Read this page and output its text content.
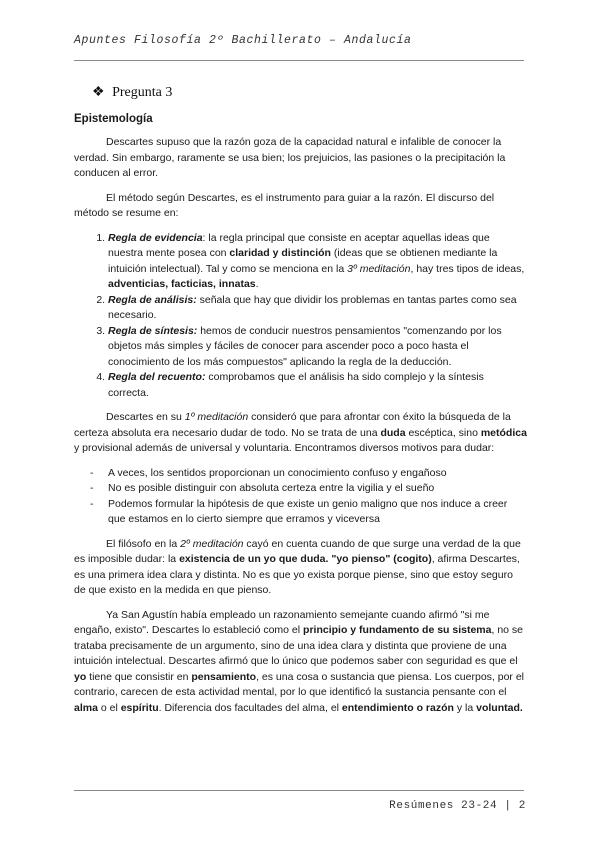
Apuntes Filosofía 2º Bachillerato – Andalucía
❖ Pregunta 3
Epistemología

Descartes supuso que la razón goza de la capacidad natural e infalible de conocer la verdad. Sin embargo, raramente se usa bien; los prejuicios, las pasiones o la precipitación la conducen al error.

El método según Descartes, es el instrumento para guiar a la razón. El discurso del método se resume en:

1. Regla de evidencia: la regla principal que consiste en aceptar aquellas ideas que nuestra mente posea con claridad y distinción (ideas que se obtienen mediante la intuición intelectual). Tal y como se menciona en la 3º meditación, hay tres tipos de ideas, adventicias, facticias, innatas.
2. Regla de análisis: señala que hay que dividir los problemas en tantas partes como sea necesario.
3. Regla de síntesis: hemos de conducir nuestros pensamientos "comenzando por los objetos más simples y fáciles de conocer para ascender poco a poco hasta el conocimiento de los más compuestos" aplicando la regla de la deducción.
4. Regla del recuento: comprobamos que el análisis ha sido complejo y la síntesis correcta.

Descartes en su 1º meditación consideró que para afrontar con éxito la búsqueda de la certeza absoluta era necesario dudar de todo. No se trata de una duda escéptica, sino metódica y provisional además de universal y voluntaria. Encontramos diversos motivos para dudar:

- A veces, los sentidos proporcionan un conocimiento confuso y engañoso
- No es posible distinguir con absoluta certeza entre la vigilia y el sueño
- Podemos formular la hipótesis de que existe un genio maligno que nos induce a creer que estamos en lo cierto siempre que erramos y viceversa

El filósofo en la 2º meditación cayó en cuenta cuando de que surge una verdad de la que es imposible dudar: la existencia de un yo que duda. "yo pienso" (cogito), afirma Descartes, es una primera idea clara y distinta. No es que yo exista porque piense, sino que estoy seguro de que existo en la medida en que pienso.

Ya San Agustín había empleado un razonamiento semejante cuando afirmó "si me engaño, existo". Descartes lo estableció como el principio y fundamento de su sistema, no se trataba precisamente de un argumento, sino de una idea clara y distinta que proviene de una intuición intelectual. Descartes afirmó que lo único que podemos saber con seguridad es que el yo tiene que consistir en pensamiento, es una cosa o sustancia que piensa. Los cuerpos, por el contrario, carecen de esta actividad mental, por lo que identificó la sustancia pensante con el alma o el espíritu. Diferencia dos facultades del alma, el entendimiento o razón y la voluntad.

Resúmenes 23-24 | 2
